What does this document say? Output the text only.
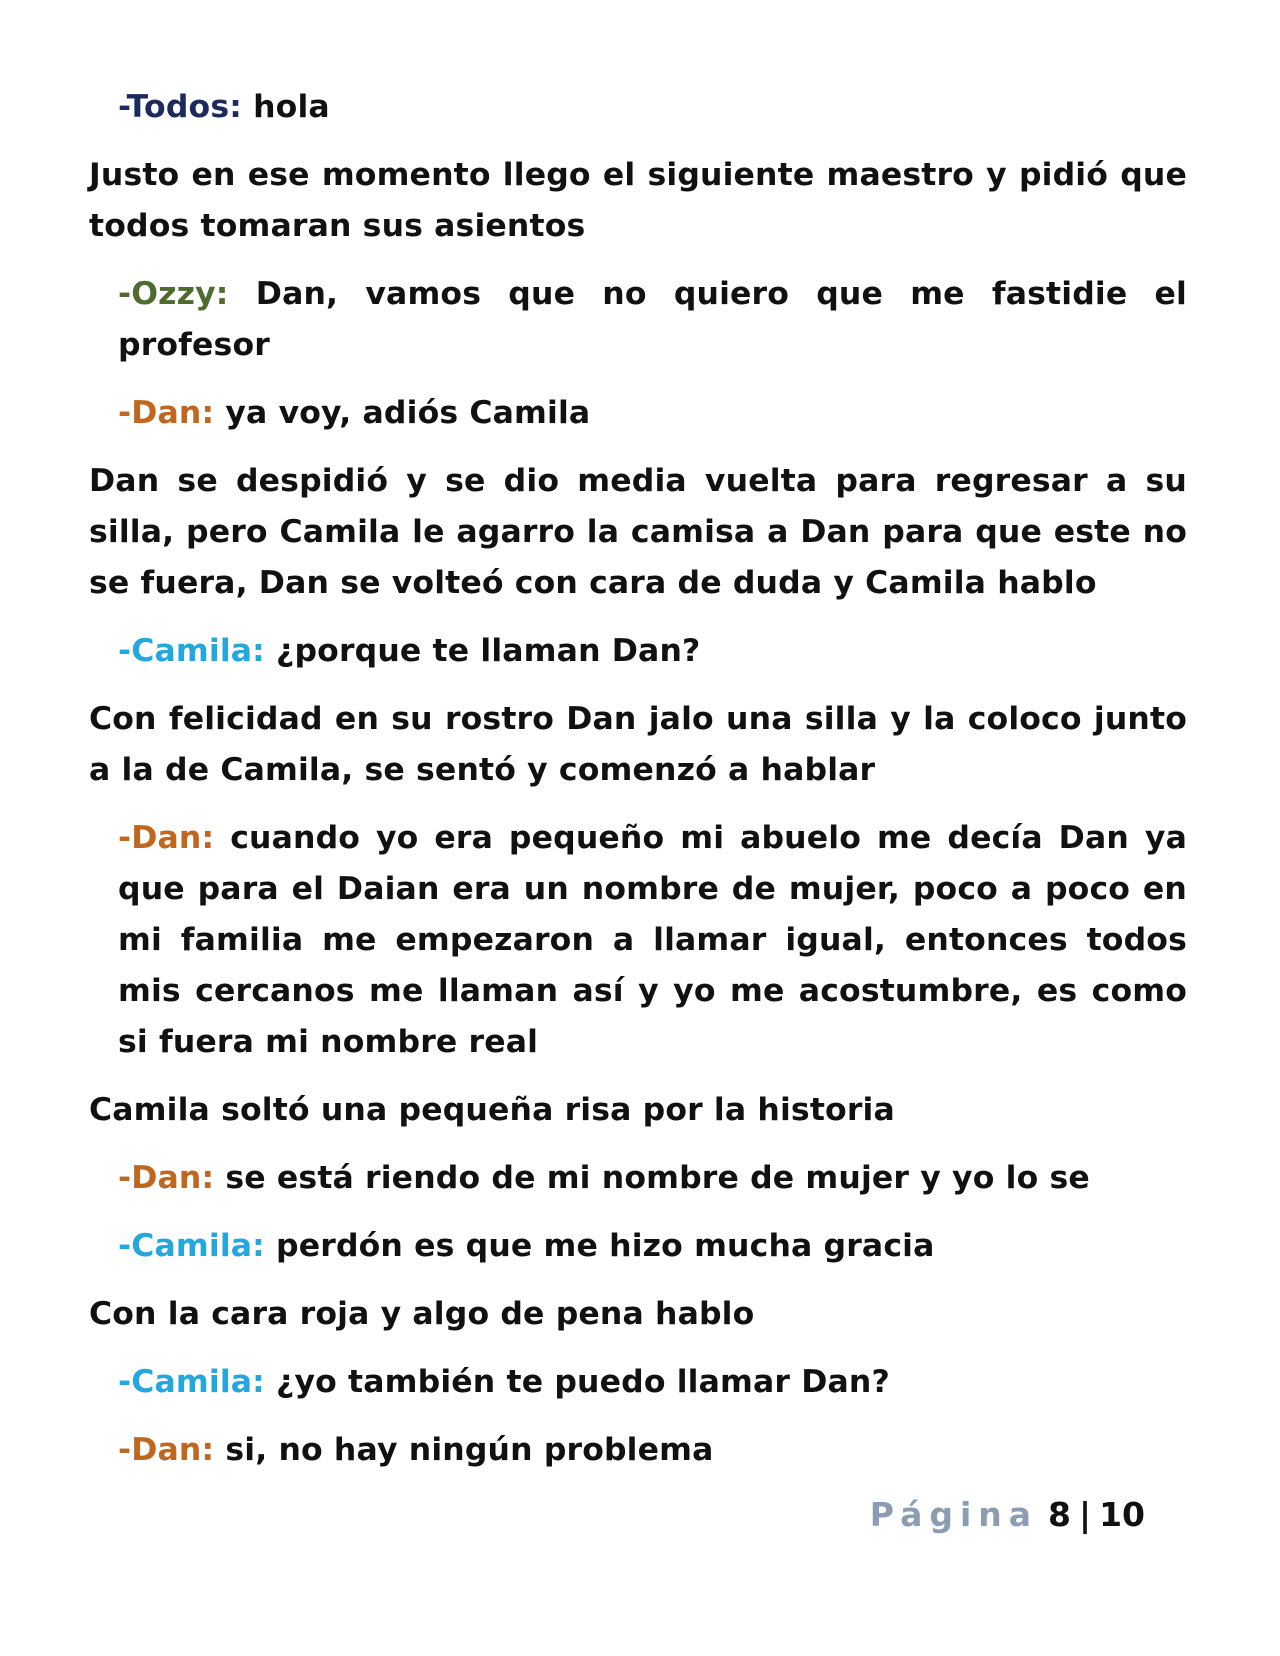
-Todos: hola

Justo en ese momento llego el siguiente maestro y pidió que todos tomaran sus asientos

-Ozzy: Dan, vamos que no quiero que me fastidie el profesor

-Dan: ya voy, adiós Camila

Dan se despidió y se dio media vuelta para regresar a su silla, pero Camila le agarro la camisa a Dan para que este no se fuera, Dan se volteó con cara de duda y Camila hablo

-Camila: ¿porque te llaman Dan?

Con felicidad en su rostro Dan jalo una silla y la coloco junto a la de Camila, se sentó y comenzó a hablar

-Dan: cuando yo era pequeño mi abuelo me decía Dan ya que para el Daian era un nombre de mujer, poco a poco en mi familia me empezaron a llamar igual, entonces todos mis cercanos me llaman así y yo me acostumbre, es como si fuera mi nombre real

Camila soltó una pequeña risa por la historia

-Dan: se está riendo de mi nombre de mujer y yo lo se

-Camila: perdón es que me hizo mucha gracia

Con la cara roja y algo de pena hablo

-Camila: ¿yo también te puedo llamar Dan?

-Dan: si, no hay ningún problema

Página 8 | 10
